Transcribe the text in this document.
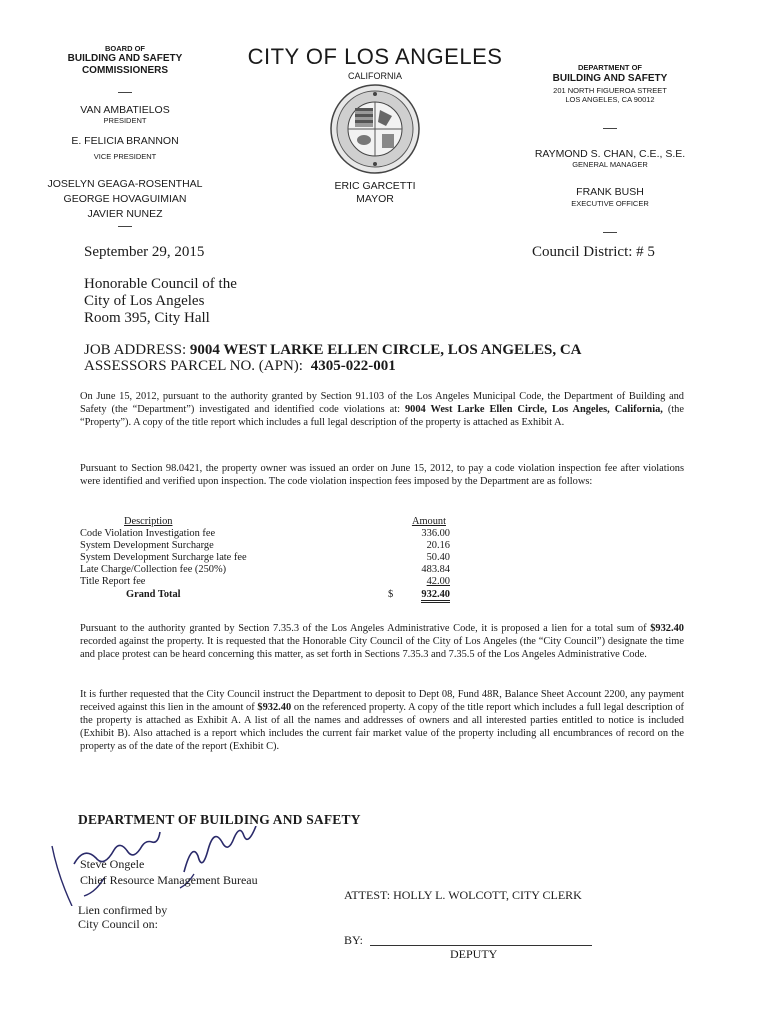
BOARD OF
BUILDING AND SAFETY
COMMISSIONERS
VAN AMBATIELOS
PRESIDENT
E. FELICIA BRANNON
VICE PRESIDENT
JOSELYN GEAGA-ROSENTHAL
GEORGE HOVAGUIMIAN
JAVIER NUNEZ
CITY OF LOS ANGELES
CALIFORNIA
ERIC GARCETTI
MAYOR
DEPARTMENT OF
BUILDING AND SAFETY
201 NORTH FIGUEROA STREET
LOS ANGELES, CA 90012
RAYMOND S. CHAN, C.E., S.E.
GENERAL MANAGER
FRANK BUSH
EXECUTIVE OFFICER
September 29, 2015	Council District: # 5
Honorable Council of the
City of Los Angeles
Room 395, City Hall
JOB ADDRESS: 9004 WEST LARKE ELLEN CIRCLE, LOS ANGELES, CA
ASSESSORS PARCEL NO. (APN): 4305-022-001
On June 15, 2012, pursuant to the authority granted by Section 91.103 of the Los Angeles Municipal Code, the Department of Building and Safety (the “Department”) investigated and identified code violations at: 9004 West Larke Ellen Circle, Los Angeles, California, (the “Property”). A copy of the title report which includes a full legal description of the property is attached as Exhibit A.
Pursuant to Section 98.0421, the property owner was issued an order on June 15, 2012, to pay a code violation inspection fee after violations were identified and verified upon inspection. The code violation inspection fees imposed by the Department are as follows:
Description	Amount
Code Violation Investigation fee	336.00
System Development Surcharge	20.16
System Development Surcharge late fee	50.40
Late Charge/Collection fee (250%)	483.84
Title Report fee	42.00
Grand Total	$	932.40
Pursuant to the authority granted by Section 7.35.3 of the Los Angeles Administrative Code, it is proposed a lien for a total sum of $932.40 recorded against the property. It is requested that the Honorable City Council of the City of Los Angeles (the “City Council”) designate the time and place protest can be heard concerning this matter, as set forth in Sections 7.35.3 and 7.35.5 of the Los Angeles Administrative Code.
It is further requested that the City Council instruct the Department to deposit to Dept 08, Fund 48R, Balance Sheet Account 2200, any payment received against this lien in the amount of $932.40 on the referenced property. A copy of the title report which includes a full legal description of the property is attached as Exhibit A. A list of all the names and addresses of owners and all interested parties entitled to notice is included (Exhibit B). Also attached is a report which includes the current fair market value of the property including all encumbrances of record on the property as of the date of the report (Exhibit C).
DEPARTMENT OF BUILDING AND SAFETY
Steve Ongele
Chief Resource Management Bureau
Lien confirmed by
City Council on:
ATTEST: HOLLY L. WOLCOTT, CITY CLERK
BY:
DEPUTY
